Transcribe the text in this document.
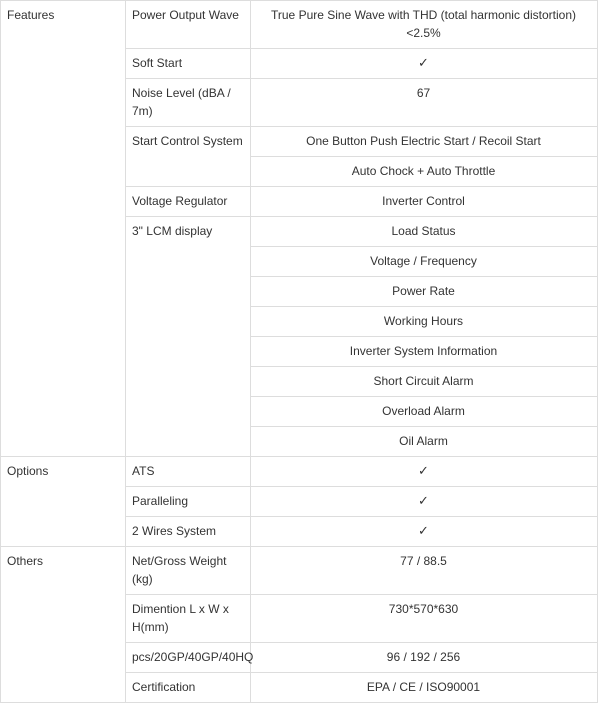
Features	Power Output Wave	True Pure Sine Wave with THD (total harmonic distortion) <2.5%
	Soft Start	✓
	Noise Level (dBA / 7m)	67
	Start Control System	One Button Push Electric Start / Recoil Start
		Auto Chock + Auto Throttle
	Voltage Regulator	Inverter Control
	3" LCM display	Load Status
		Voltage / Frequency
		Power Rate
		Working Hours
		Inverter System Information
		Short Circuit Alarm
		Overload Alarm
		Oil Alarm
Options	ATS	✓
	Paralleling	✓
	2 Wires System	✓
Others	Net/Gross Weight (kg)	77 / 88.5
	Dimention L x W x H(mm)	730*570*630
	pcs/20GP/40GP/40HQ	96 / 192 / 256
	Certification	EPA / CE / ISO90001
